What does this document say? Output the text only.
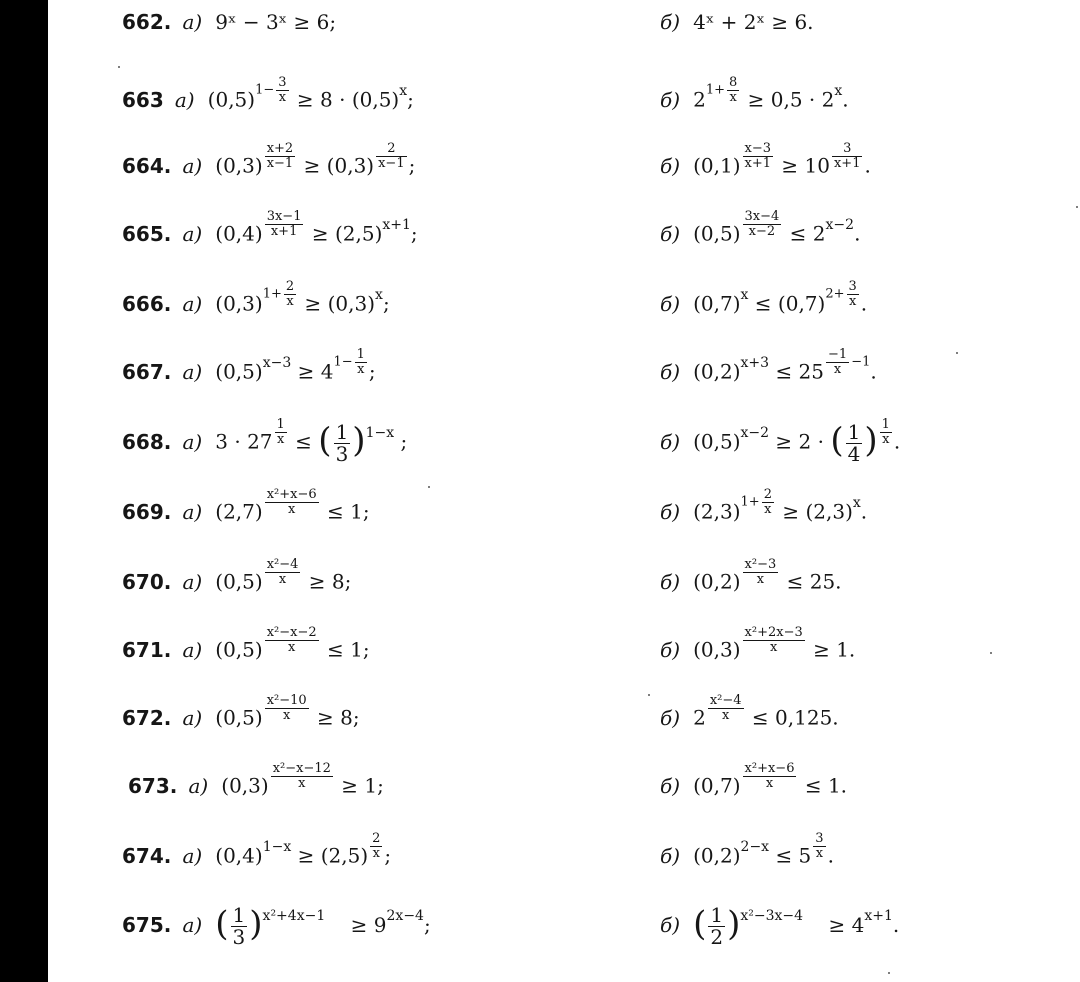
662. а) 9ˣ − 3ˣ ≥ 6;	б) 4ˣ + 2ˣ ≥ 6.
663 а) $(0,5)1- \frac{3}{x} \ge 8 \cdot (0,5)^x$;	б) $21+ \frac{8}{x} \ge 0,5 \cdot 2^x$.
664. а) $(0,3) \frac{x+2}{x-1} \ge (0,3) \frac{2}{x-1}$ ;	б) $(0,1) \frac{x-3}{x+1} \ge 10 \frac{3}{x+1}$ .
665. а) $(0,4) \frac{3x-1}{x+1} \ge (2,5)^{x+1}$;	б) $(0,5) \frac{3x-4}{x-2} \le 2^{x-2}$.
666. а) $(0,3)1+ \frac{2}{x} \ge (0,3)^x$;	б) $(0,7)^x \le (0,7)2+ \frac{3}{x}$ .
667. а) $(0,5)^{x-3} \ge 41- \frac{1}{x}$ ;	б) $(0,2)^{x+3} \le 25 \frac{-1}{x} -1$.
668. а) $3 \cdot 27 \frac{1}{x}$ ≤ ( $\frac{1}{3} )^{1-x}$ ;	б) $(0,5)^{x-2} \ge 2$ · ( $\frac{1}{4}$ ) $\frac{1}{x}$ .
669. а) $(2,7) \frac{\text{x²+x−6}}{x} \le 1$;	б) $(2,3)1+ \frac{2}{x} \ge (2,3)^x$.
670. а) $(0,5) \frac{\text{x²−4}}{x} \ge 8$;	б) $(0,2) \frac{\text{x²−3}}{x} \le 25$.
671. а) $(0,5) \frac{\text{x²−x−2}}{x} \le 1$;	б) $(0,3) \frac{\text{x²+2x−3}}{x} \ge 1$.
672. а) $(0,5) \frac{\text{x²−10}}{x} \ge 8$;	б) $2 \frac{\text{x²−4}}{x} \le 0,125$.
673. а) $(0,3) \frac{\text{x²−x−12}}{x} \ge 1$;	б) $(0,7) \frac{\text{x²+x−6}}{x} \le 1$.
674. а) $(0,4)^{1-x} \ge (2,5) \frac{2}{x}$ ;	б) $(0,2)^{2-x} \le 5 \frac{3}{x}$ .
675. а) ( $\frac{1}{3} )^{x^2+4x-1} \ge 9^{2x-4}$;	б) ( $\frac{1}{2} )^{x^2-3x-4} \ge 4^{x+1}$.
